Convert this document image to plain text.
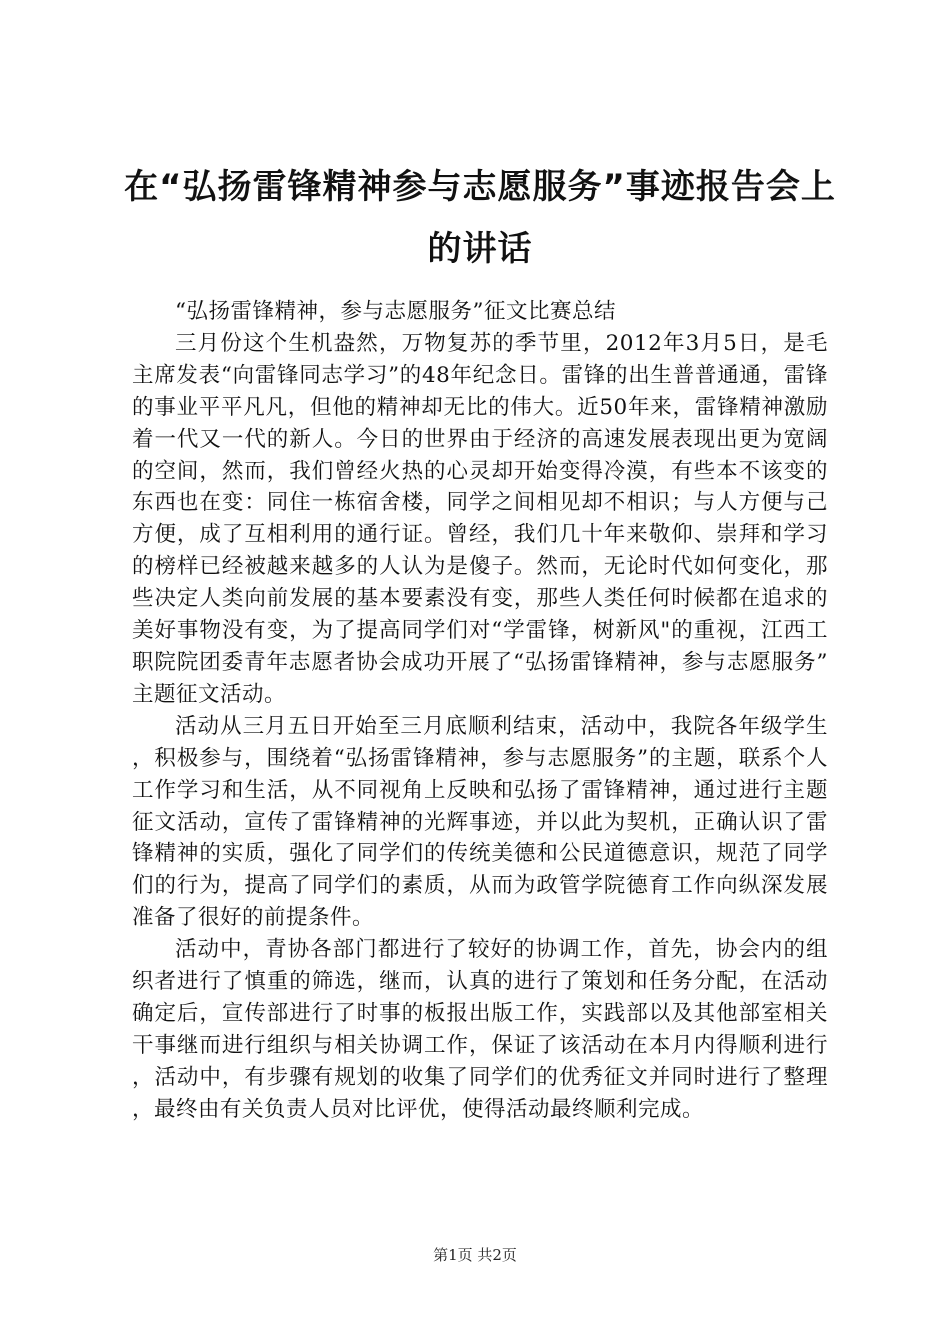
在“弘扬雷锋精神参与志愿服务”事迹报告会上的讲话

“弘扬雷锋精神，参与志愿服务”征文比赛总结

三月份这个生机盎然，万物复苏的季节里，2012年3月5日，是毛主席发表“向雷锋同志学习”的48年纪念日。雷锋的出生普普通通，雷锋的事业平平凡凡，但他的精神却无比的伟大。近50年来，雷锋精神激励着一代又一代的新人。今日的世界由于经济的高速发展表现出更为宽阔的空间，然而，我们曾经火热的心灵却开始变得冷漠，有些本不该变的东西也在变：同住一栋宿舍楼，同学之间相见却不相识；与人方便与己方便，成了互相利用的通行证。曾经，我们几十年来敬仰、崇拜和学习的榜样已经被越来越多的人认为是傻子。然而，无论时代如何变化，那些决定人类向前发展的基本要素没有变，那些人类任何时候都在追求的美好事物没有变，为了提高同学们对“学雷锋，树新风"的重视，江西工职院院团委青年志愿者协会成功开展了“弘扬雷锋精神，参与志愿服务”主题征文活动。

活动从三月五日开始至三月底顺利结束，活动中，我院各年级学生，积极参与，围绕着“弘扬雷锋精神，参与志愿服务”的主题，联系个人工作学习和生活，从不同视角上反映和弘扬了雷锋精神，通过进行主题征文活动，宣传了雷锋精神的光辉事迹，并以此为契机，正确认识了雷锋精神的实质，强化了同学们的传统美德和公民道德意识，规范了同学们的行为，提高了同学们的素质，从而为政管学院德育工作向纵深发展准备了很好的前提条件。

活动中，青协各部门都进行了较好的协调工作，首先，协会内的组织者进行了慎重的筛选，继而，认真的进行了策划和任务分配，在活动确定后，宣传部进行了时事的板报出版工作，实践部以及其他部室相关干事继而进行组织与相关协调工作，保证了该活动在本月内得顺利进行，活动中，有步骤有规划的收集了同学们的优秀征文并同时进行了整理，最终由有关负责人员对比评优，使得活动最终顺利完成。

第1页 共2页
